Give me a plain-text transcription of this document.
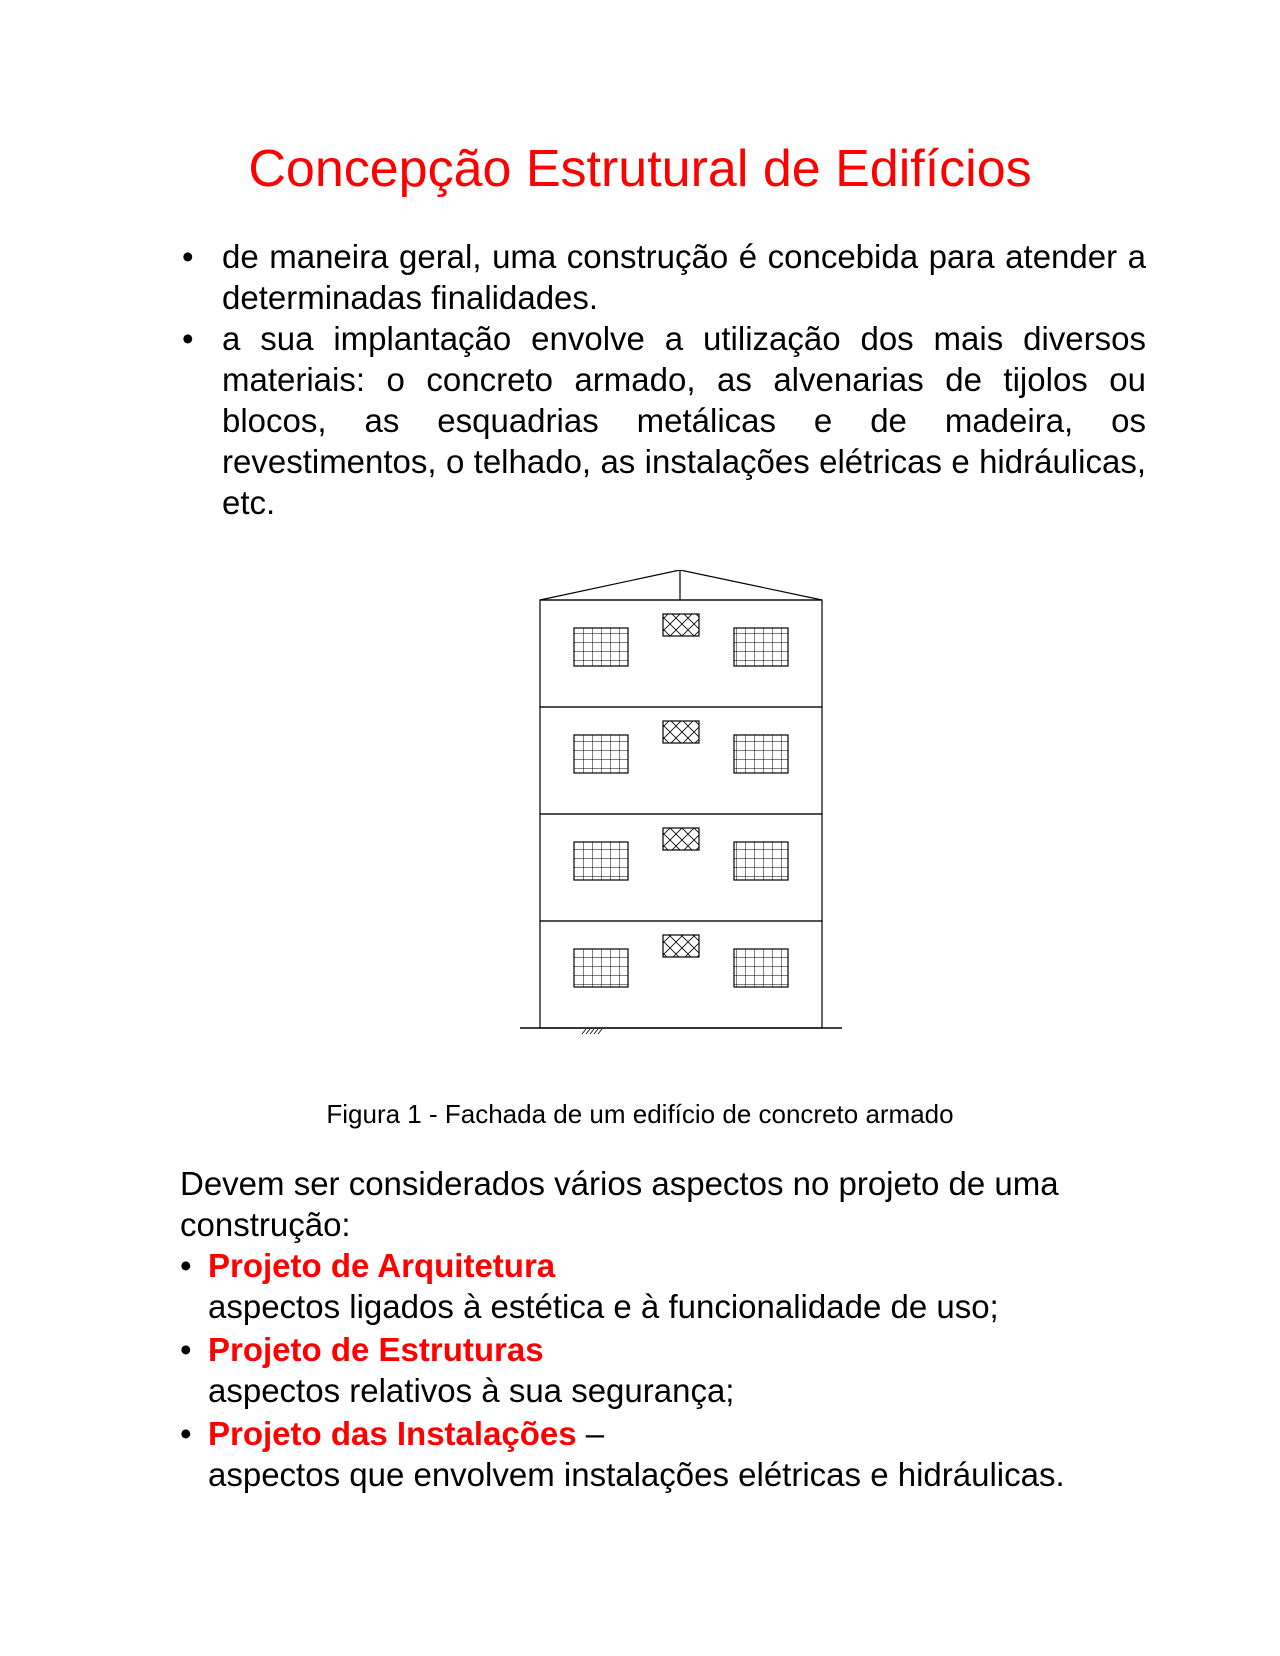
Concepção Estrutural de Edifícios
• de maneira geral, uma construção é concebida para atender a determinadas finalidades.
• a sua implantação envolve a utilização dos mais diversos materiais: o concreto armado, as alvenarias de tijolos ou blocos, as esquadrias metálicas e de madeira, os revestimentos, o telhado, as instalações elétricas e hidráulicas, etc.
Figura 1 - Fachada de um edifício de concreto armado

Devem ser considerados vários aspectos no projeto de uma construção:

• Projeto de Arquitetura
aspectos ligados à estética e à funcionalidade de uso;
• Projeto de Estruturas
aspectos relativos à sua segurança;
• Projeto das Instalações –
aspectos que envolvem instalações elétricas e hidráulicas.
